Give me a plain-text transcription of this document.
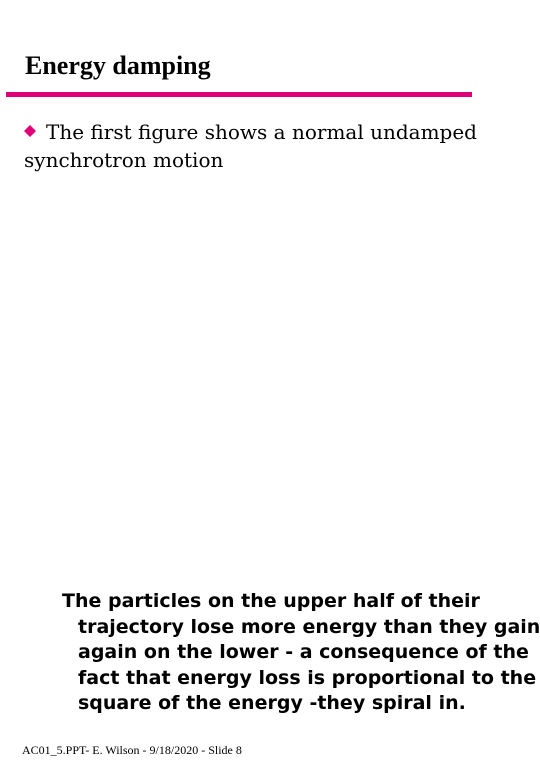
Energy damping
The first figure shows a normal undamped
synchrotron motion
The particles on the upper half of their
trajectory lose more energy than they gain
again on the lower - a consequence of the
fact that energy loss is proportional to the
square of the energy -they spiral in.
AC01_5.PPT- E. Wilson - 9/18/2020 - Slide 8
